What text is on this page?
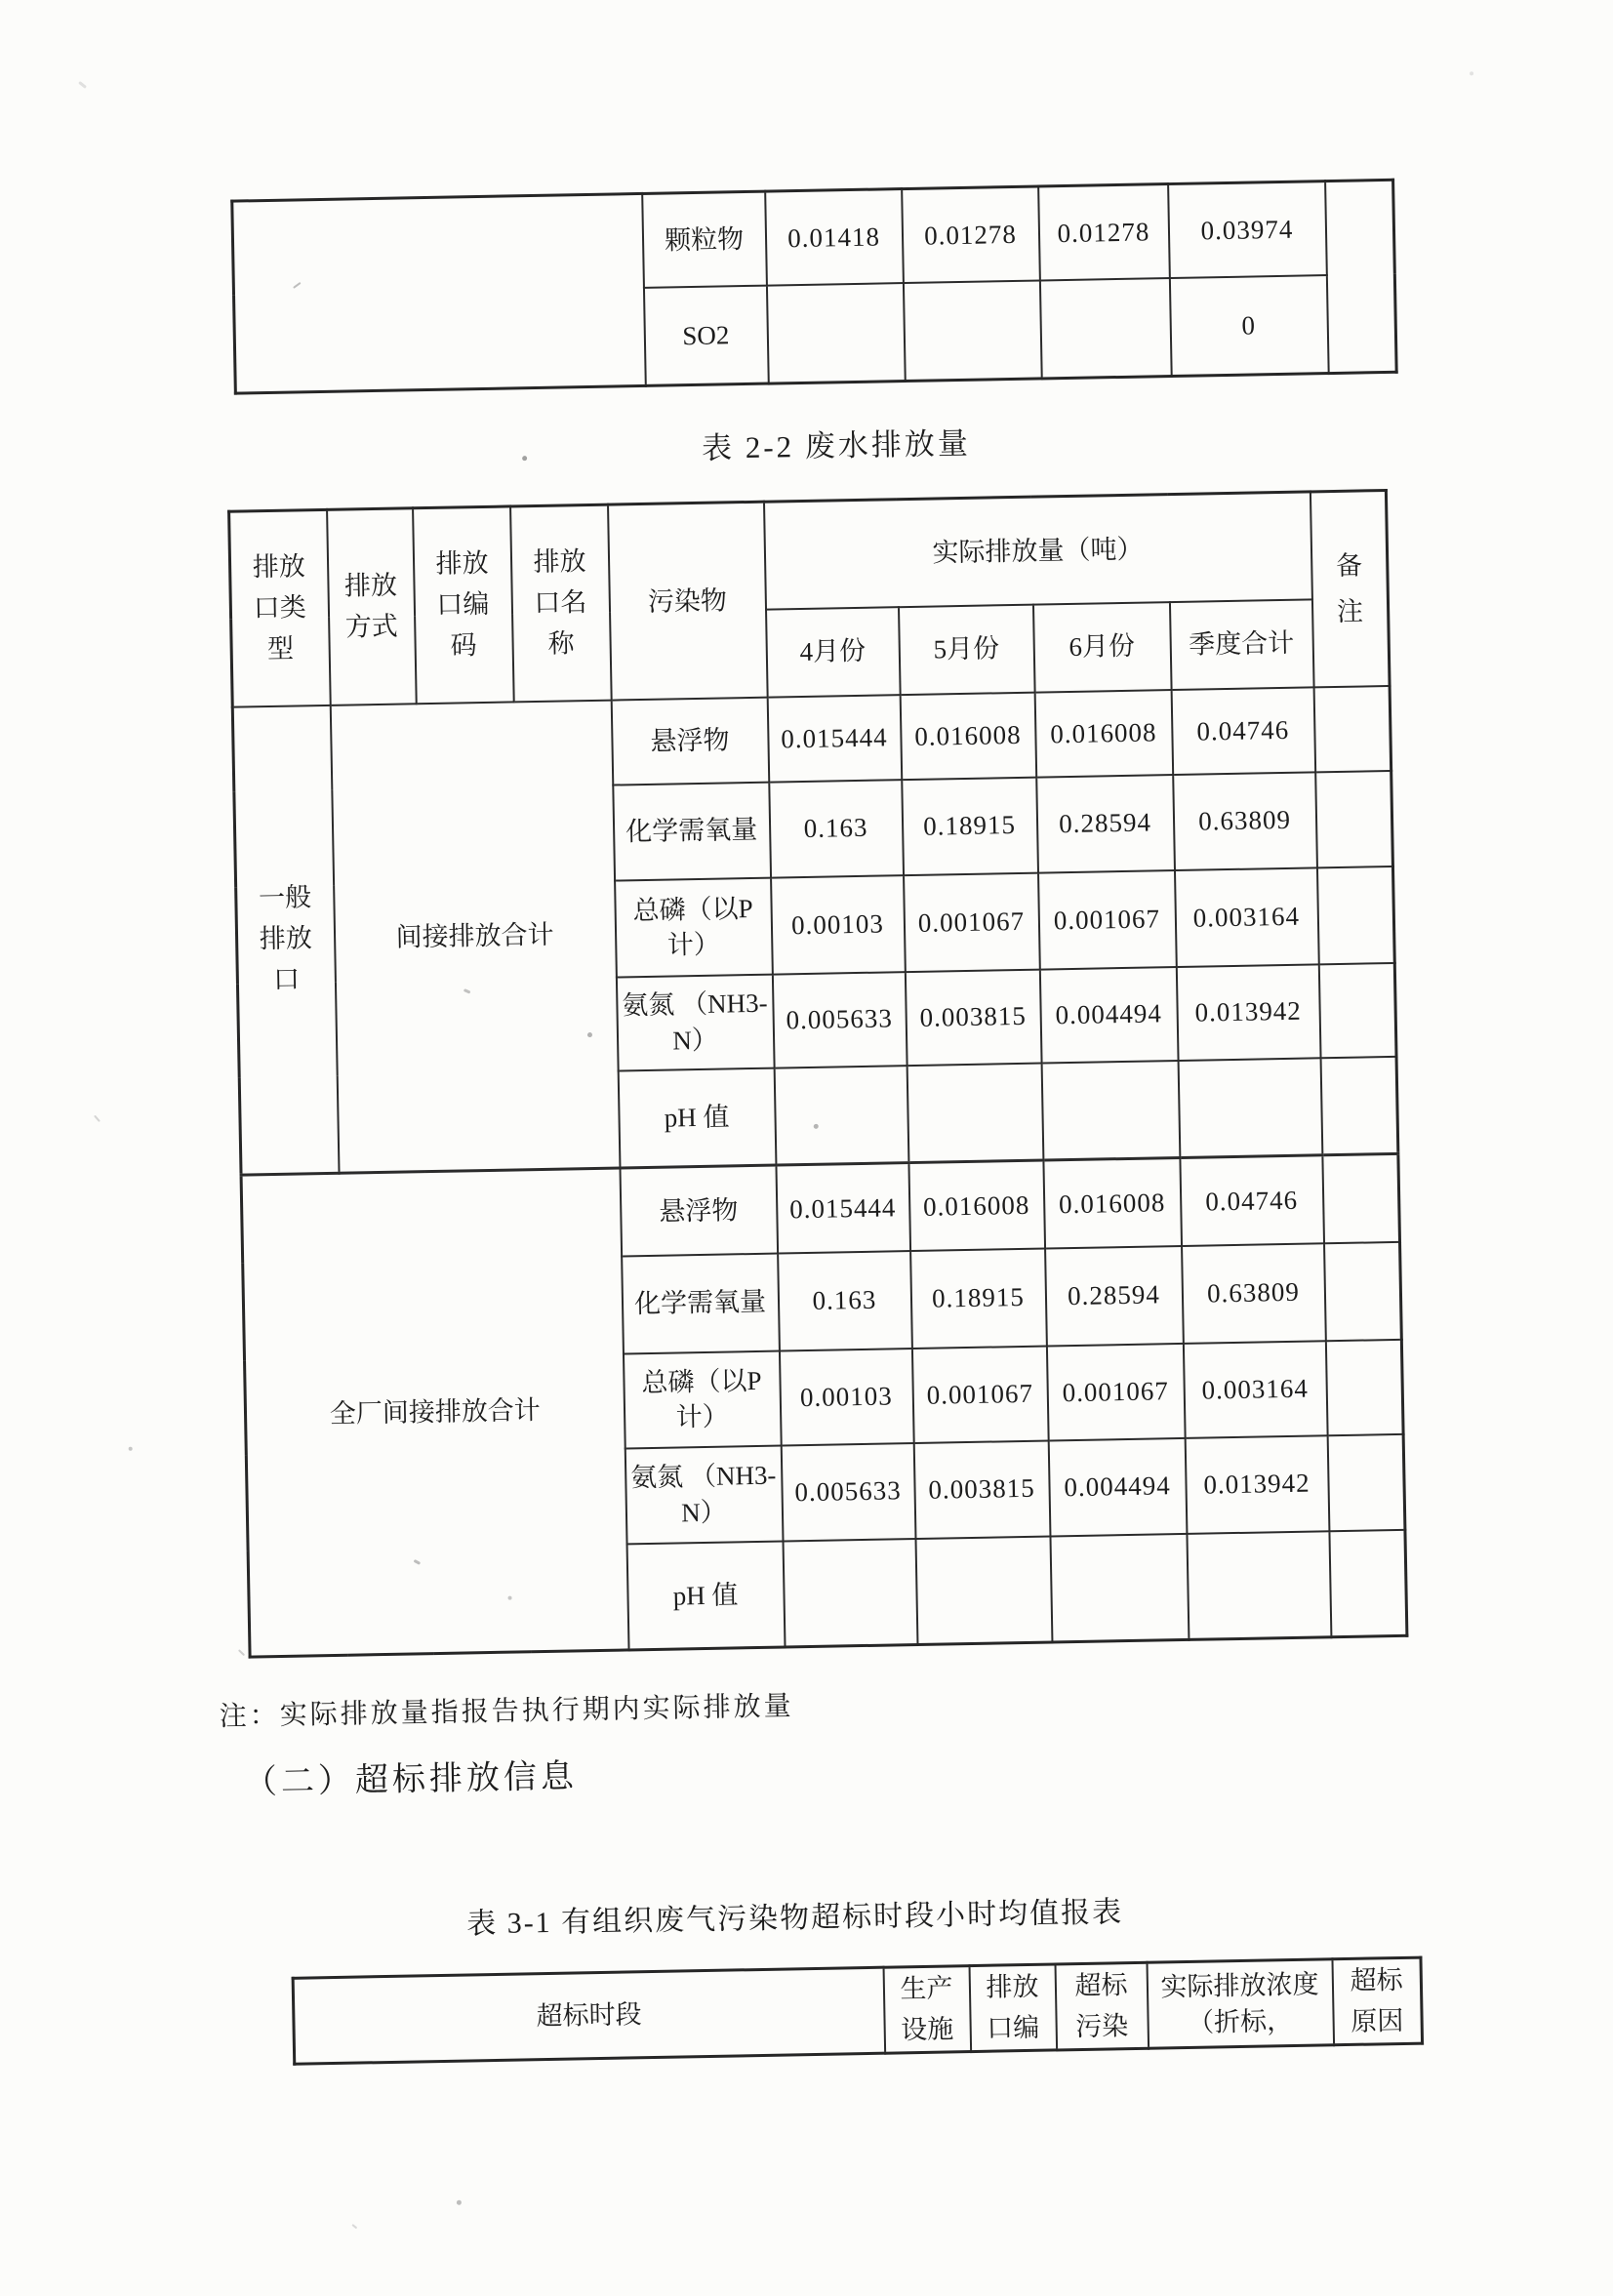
	颗粒物	0.01418	0.01278	0.01278	0.03974	
	SO2				0	
表 2-2 废水排放量
排放口类型	排放方式	排放口编码	排放口名称	污染物	实际排放量（吨）				备注
					4月份	5月份	6月份	季度合计	
一般排放口	间接排放合计			悬浮物	0.015444	0.016008	0.016008	0.04746	
				化学需氧量	0.163	0.18915	0.28594	0.63809	
				总磷（以P计）	0.00103	0.001067	0.001067	0.003164	
				氨氮 （NH3-N）	0.005633	0.003815	0.004494	0.013942	
				pH 值					
全厂间接排放合计				悬浮物	0.015444	0.016008	0.016008	0.04746	
				化学需氧量	0.163	0.18915	0.28594	0.63809	
				总磷（以P计）	0.00103	0.001067	0.001067	0.003164	
				氨氮 （NH3-N）	0.005633	0.003815	0.004494	0.013942	
				pH 值					
注：实际排放量指报告执行期内实际排放量
（二）超标排放信息
表 3-1 有组织废气污染物超标时段小时均值报表
超标时段	生产设施	排放口编	超标污染	实际排放浓度（折标，	超标原因
